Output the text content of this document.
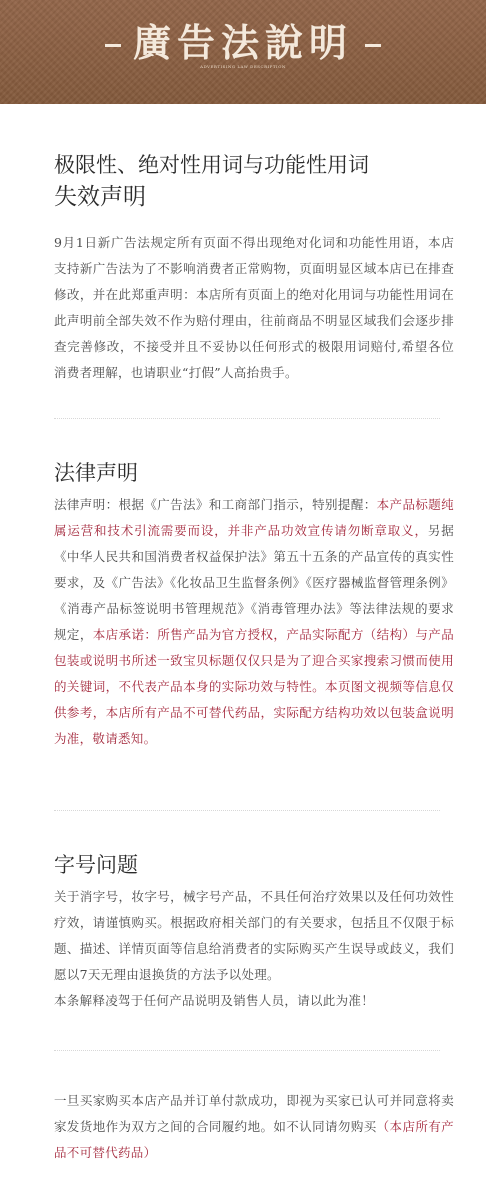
廣告法說明
ADVERTISING LAW DESCRIPTION

极限性、绝对性用词与功能性用词

失效声明

9月1日新广告法规定所有页面不得出现绝对化词和功能性用语，本店支持新广告法为了不影响消费者正常购物，页面明显区域本店已在排查修改，并在此郑重声明：本店所有页面上的绝对化用词与功能性用词在此声明前全部失效不作为赔付理由，往前商品不明显区域我们会逐步排查完善修改，不接受并且不妥协以任何形式的极限用词赔付,希望各位消费者理解，也请职业“打假”人高抬贵手。

法律声明

法律声明：根据《广告法》和工商部门指示，特别提醒：本产品标题纯属运营和技术引流需要而设，并非产品功效宣传请勿断章取义，另据《中华人民共和国消费者权益保护法》第五十五条的产品宣传的真实性要求，及《广告法》《化妆品卫生监督条例》《医疗器械监督管理条例》《消毒产品标签说明书管理规范》《消毒管理办法》等法律法规的要求规定，本店承诺：所售产品为官方授权，产品实际配方（结构）与产品包装或说明书所述一致宝贝标题仅仅只是为了迎合买家搜索习惯而使用的关键词，不代表产品本身的实际功效与特性。本页图文视频等信息仅供参考，本店所有产品不可替代药品，实际配方结构功效以包装盒说明为准，敬请悉知。

字号问题

关于消字号，妆字号，械字号产品，不具任何治疗效果以及任何功效性疗效，请谨慎购买。根据政府相关部门的有关要求，包括且不仅限于标题、描述、详情页面等信息给消费者的实际购买产生误导或歧义，我们愿以7天无理由退换货的方法予以处理。

本条解释凌驾于任何产品说明及销售人员，请以此为准！

一旦买家购买本店产品并订单付款成功，即视为买家已认可并同意将卖家发货地作为双方之间的合同履约地。如不认同请勿购买（本店所有产品不可替代药品）
